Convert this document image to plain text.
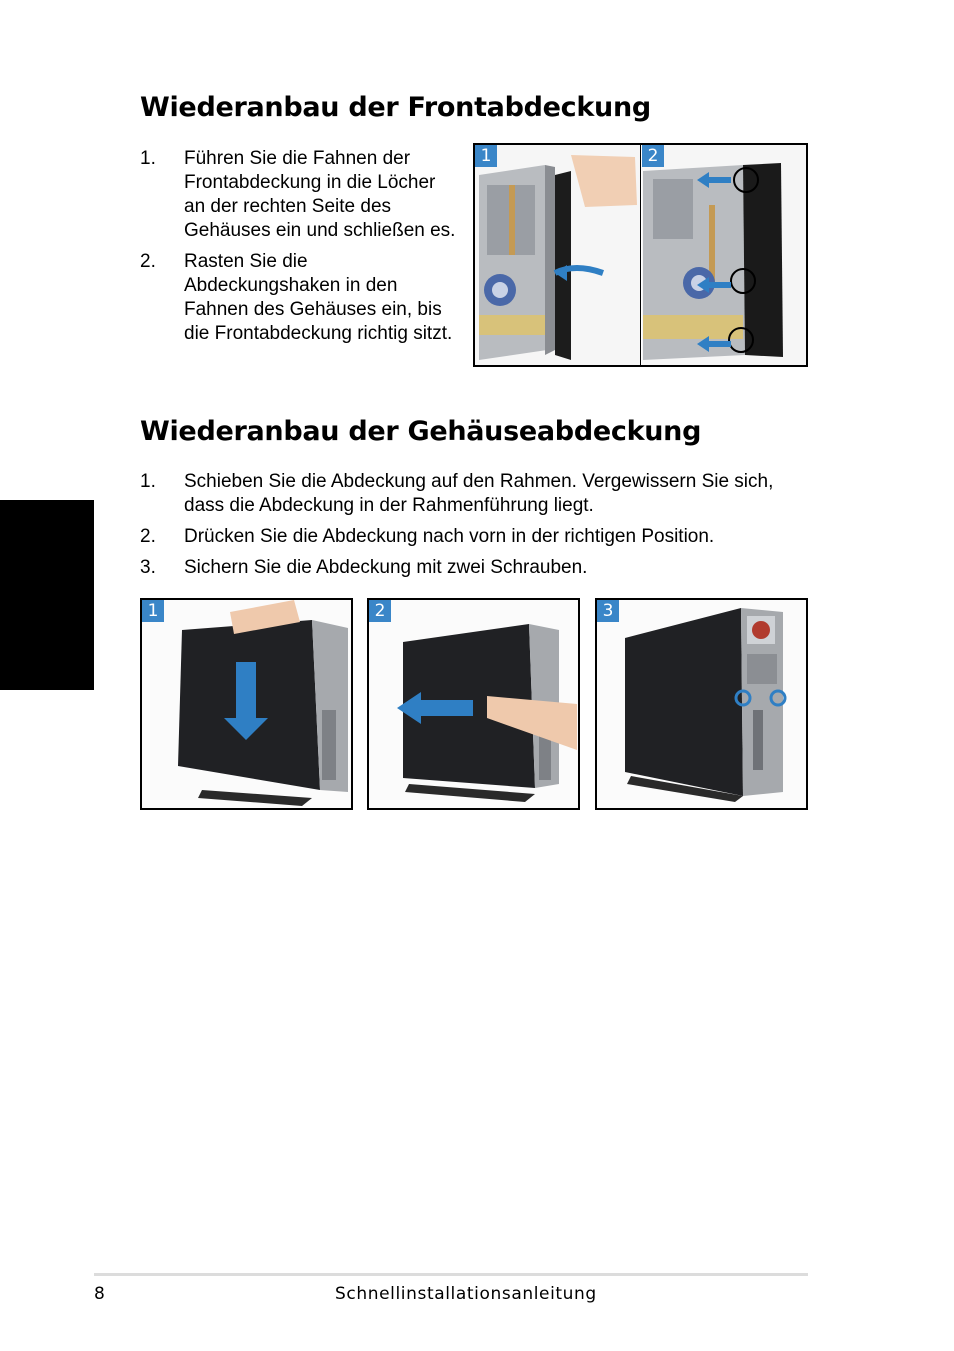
Wiederanbau der Frontabdeckung
1. Führen Sie die Fahnen der Frontabdeckung in die Löcher an der rechten Seite des Gehäuses ein und schließen es.
2. Rasten Sie die Abdeckungshaken in den Fahnen des Gehäuses ein, bis die Frontabdeckung richtig sitzt.
1	2
Wiederanbau der Gehäuseabdeckung
1. Schieben Sie die Abdeckung auf den Rahmen. Vergewissern Sie sich, dass die Abdeckung in der Rahmenführung liegt.
2. Drücken Sie die Abdeckung nach vorn in der richtigen Position.
3. Sichern Sie die Abdeckung mit zwei Schrauben.
1	2	3
8	Schnellinstallationsanleitung
